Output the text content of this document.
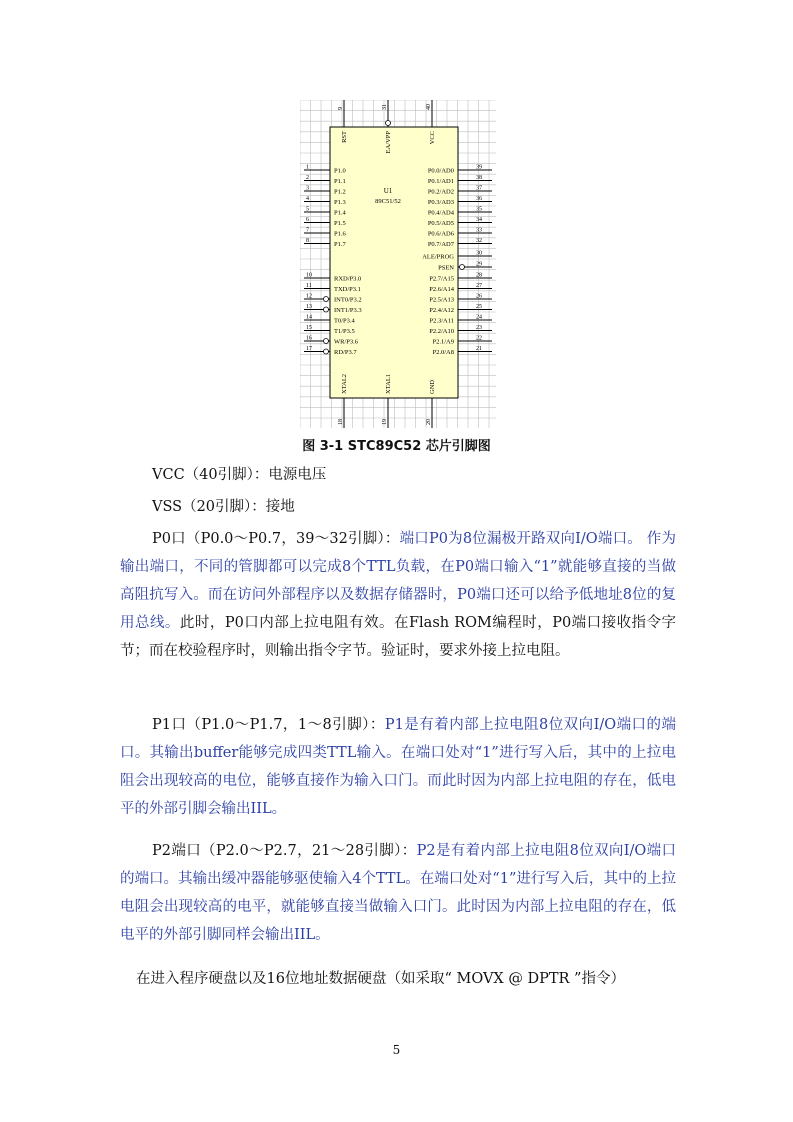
1	P1.0
2	P1.1
3	P1.2
4	P1.3
5	P1.4
6	P1.5
7	P1.6
8	P1.7
10	RXD/P3.0
11	TXD/P3.1
12	INT0/P3.2
13	INT1/P3.3
14	T0/P3.4
15	T1/P3.5
16	WR/P3.6
17	RD/P3.7
39
P0.0/AD0
38
P0.1/AD1
37
P0.2/AD2
36
P0.3/AD3
35
P0.4/AD4
34
P0.5/AD5
33
P0.6/AD6
32
P0.7/AD7
30
ALE/PROG
29
PSEN
28
P2.7/A15
27
P2.6/A14
26
P2.5/A13
25
P2.4/A12
24
P2.3/A11
23
P2.2/A10
22
P2.1/A9
21
P2.0/A8
9
RST
31
EA/VPP
40
VCC
18
XTAL2
19
XTAL1
20
GND
U1
89C51/52
图 3-1 STC89C52 芯片引脚图

VCC（40引脚）：电源电压

VSS（20引脚）：接地

P0口（P0.0～P0.7，39～32引脚）：端口P0为8位漏极开路双向I/O端口。 作为输出端口，不同的管脚都可以完成8个TTL负载，在P0端口输入“1”就能够直接的当做高阻抗写入。而在访问外部程序以及数据存储器时，P0端口还可以给予低地址8位的复用总线。此时，P0口内部上拉电阻有效。在Flash ROM编程时，P0端口接收指令字节；而在校验程序时，则输出指令字节。验证时，要求外接上拉电阻。

P1口（P1.0～P1.7，1～8引脚）：P1是有着内部上拉电阻8位双向I/O端口的端口。其输出buffer能够完成四类TTL输入。在端口处对“1”进行写入后，其中的上拉电阻会出现较高的电位，能够直接作为输入口门。而此时因为内部上拉电阻的存在，低电平的外部引脚会输出IIL。

P2端口（P2.0～P2.7，21～28引脚）：P2是有着内部上拉电阻8位双向I/O端口的端口。其输出缓冲器能够驱使输入4个TTL。在端口处对“1”进行写入后，其中的上拉电阻会出现较高的电平，就能够直接当做输入口门。此时因为内部上拉电阻的存在，低电平的外部引脚同样会输出IIL。

在进入程序硬盘以及16位地址数据硬盘（如采取“ MOVX @ DPTR ”指令）

5
